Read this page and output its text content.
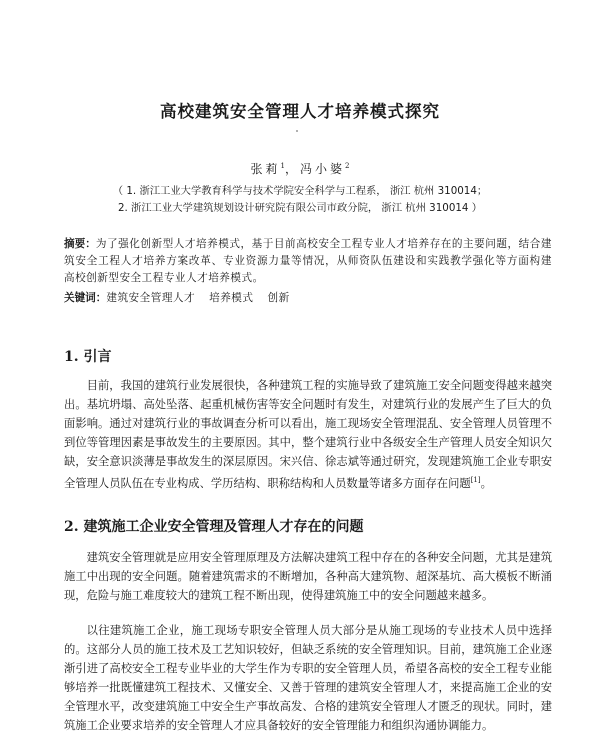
高校建筑安全管理人才培养模式探究
张莉$^1$，冯小婆$^2$
（ 1. 浙江工业大学教育科学与技术学院安全科学与工程系， 浙江 杭州 310014；
2. 浙江工业大学建筑规划设计研究院有限公司市政分院， 浙江 杭州 310014 ）

摘要：为了强化创新型人才培养模式，基于目前高校安全工程专业人才培养存在的主要问题，结合建筑安全工程人才培养方案改革、专业资源力量等情况，从师资队伍建设和实践教学强化等方面构建高校创新型安全工程专业人才培养模式。

关键词：建筑安全管理人才 培养模式 创新

1. 引言

目前，我国的建筑行业发展很快，各种建筑工程的实施导致了建筑施工安全问题变得越来越突出。基坑坍塌、高处坠落、起重机械伤害等安全问题时有发生，对建筑行业的发展产生了巨大的负面影响。通过对建筑行业的事故调查分析可以看出，施工现场安全管理混乱、安全管理人员管理不到位等管理因素是事故发生的主要原因。其中，整个建筑行业中各级安全生产管理人员安全知识欠缺，安全意识淡薄是事故发生的深层原因。宋兴信、徐志斌等通过研究，发现建筑施工企业专职安全管理人员队伍在专业构成、学历结构、职称结构和人员数量等诸多方面存在问题[1]。

2. 建筑施工企业安全管理及管理人才存在的问题

建筑安全管理就是应用安全管理原理及方法解决建筑工程中存在的各种安全问题，尤其是建筑施工中出现的安全问题。随着建筑需求的不断增加，各种高大建筑物、超深基坑、高大模板不断涌现，危险与施工难度较大的建筑工程不断出现，使得建筑施工中的安全问题越来越多。

以往建筑施工企业，施工现场专职安全管理人员大部分是从施工现场的专业技术人员中选择的。这部分人员的施工技术及工艺知识较好，但缺乏系统的安全管理知识。目前，建筑施工企业逐渐引进了高校安全工程专业毕业的大学生作为专职的安全管理人员，希望各高校的安全工程专业能够培养一批既懂建筑工程技术、又懂安全、又善于管理的建筑安全管理人才，来提高施工企业的安全管理水平，改变建筑施工中安全生产事故高发、合格的建筑安全管理人才匮乏的现状。同时，建筑施工企业要求培养的安全管理人才应具备较好的安全管理能力和组织沟通协调能力。
